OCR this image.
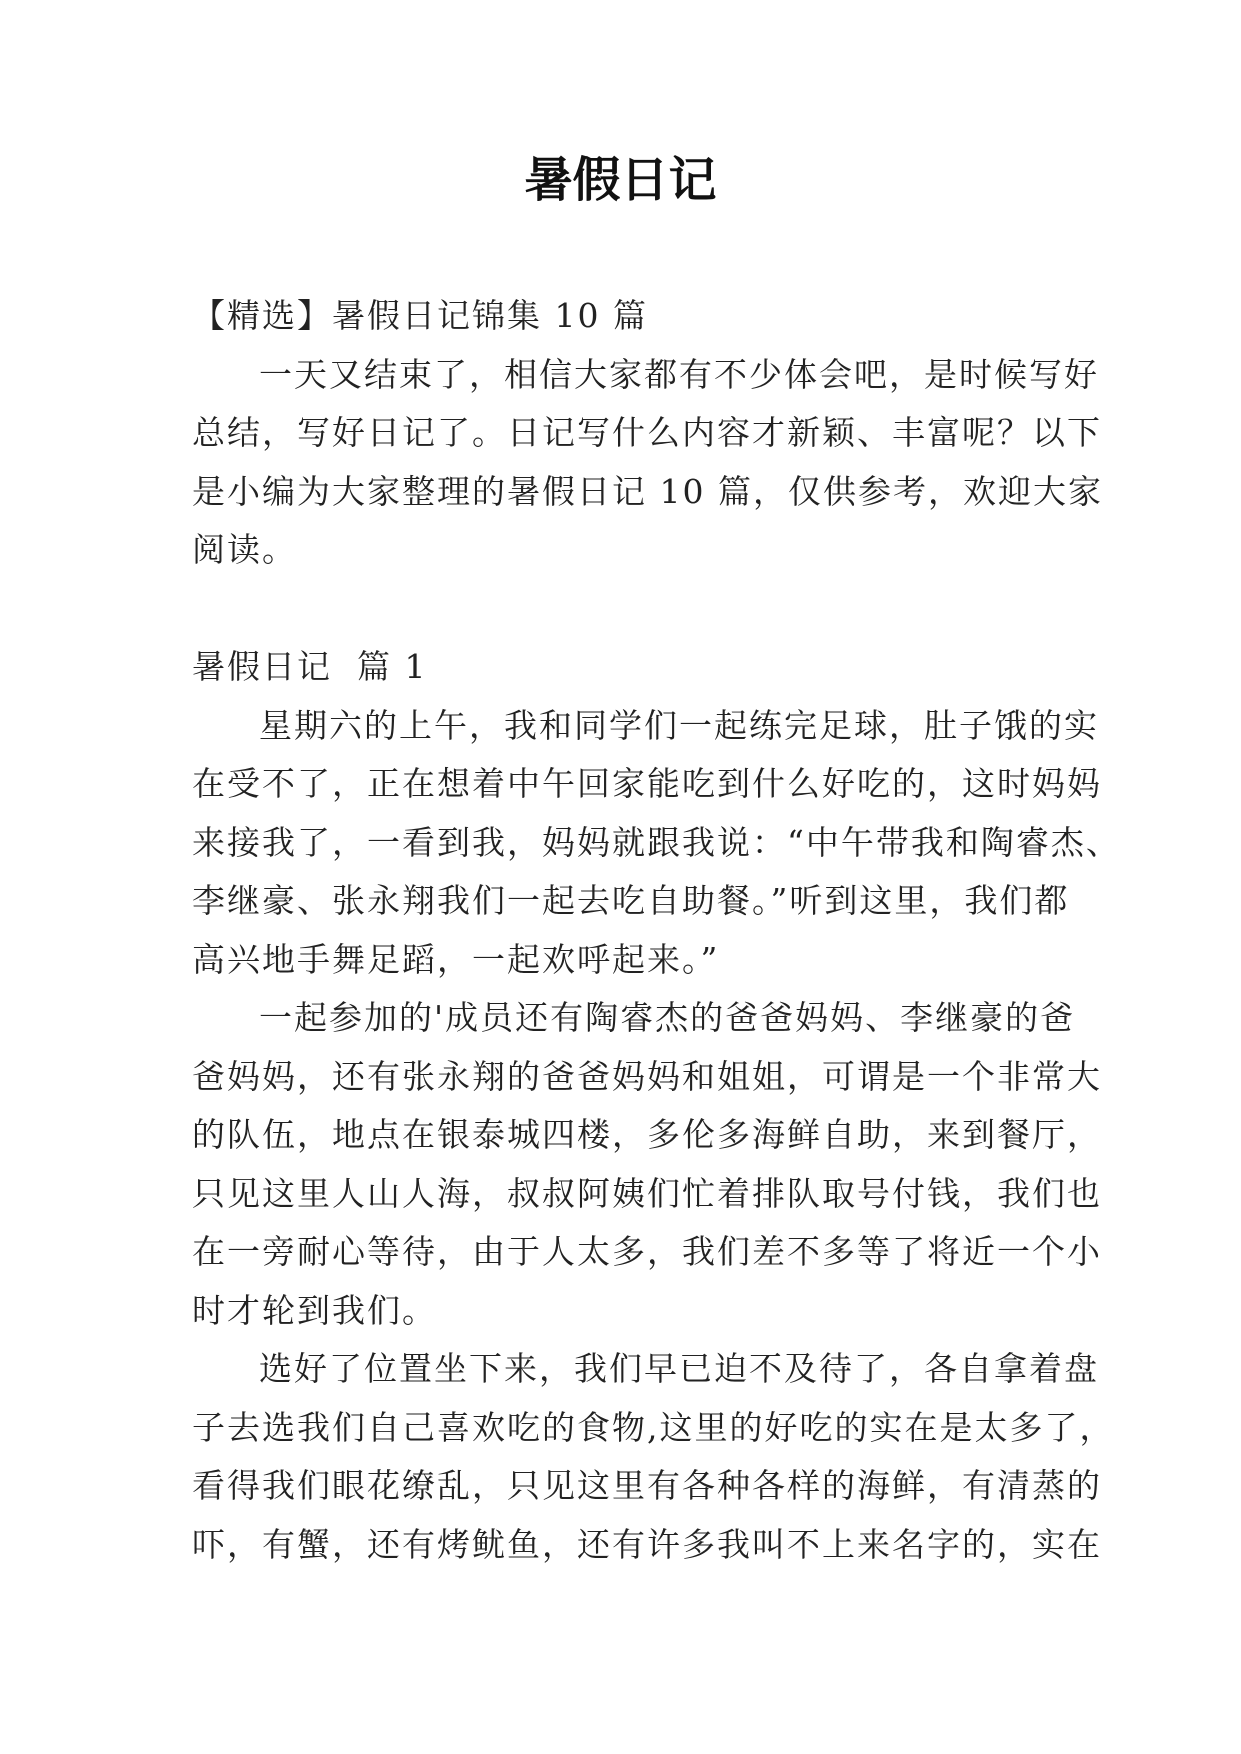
暑假日记

【精选】暑假日记锦集 10 篇

一天又结束了，相信大家都有不少体会吧，是时候写好

总结，写好日记了。日记写什么内容才新颖、丰富呢？以下

是小编为大家整理的暑假日记 10 篇，仅供参考，欢迎大家

阅读。

暑假日记  篇 1

星期六的上午，我和同学们一起练完足球，肚子饿的实

在受不了，正在想着中午回家能吃到什么好吃的，这时妈妈

来接我了，一看到我，妈妈就跟我说：“中午带我和陶睿杰、

李继豪、张永翔我们一起去吃自助餐。”听到这里，我们都

高兴地手舞足蹈，一起欢呼起来。”

一起参加的'成员还有陶睿杰的爸爸妈妈、李继豪的爸

爸妈妈，还有张永翔的爸爸妈妈和姐姐，可谓是一个非常大

的队伍，地点在银泰城四楼，多伦多海鲜自助，来到餐厅，

只见这里人山人海，叔叔阿姨们忙着排队取号付钱，我们也

在一旁耐心等待，由于人太多，我们差不多等了将近一个小

时才轮到我们。

选好了位置坐下来，我们早已迫不及待了，各自拿着盘

子去选我们自己喜欢吃的食物,这里的好吃的实在是太多了，

看得我们眼花缭乱，只见这里有各种各样的海鲜，有清蒸的

吓，有蟹，还有烤鱿鱼，还有许多我叫不上来名字的，实在
